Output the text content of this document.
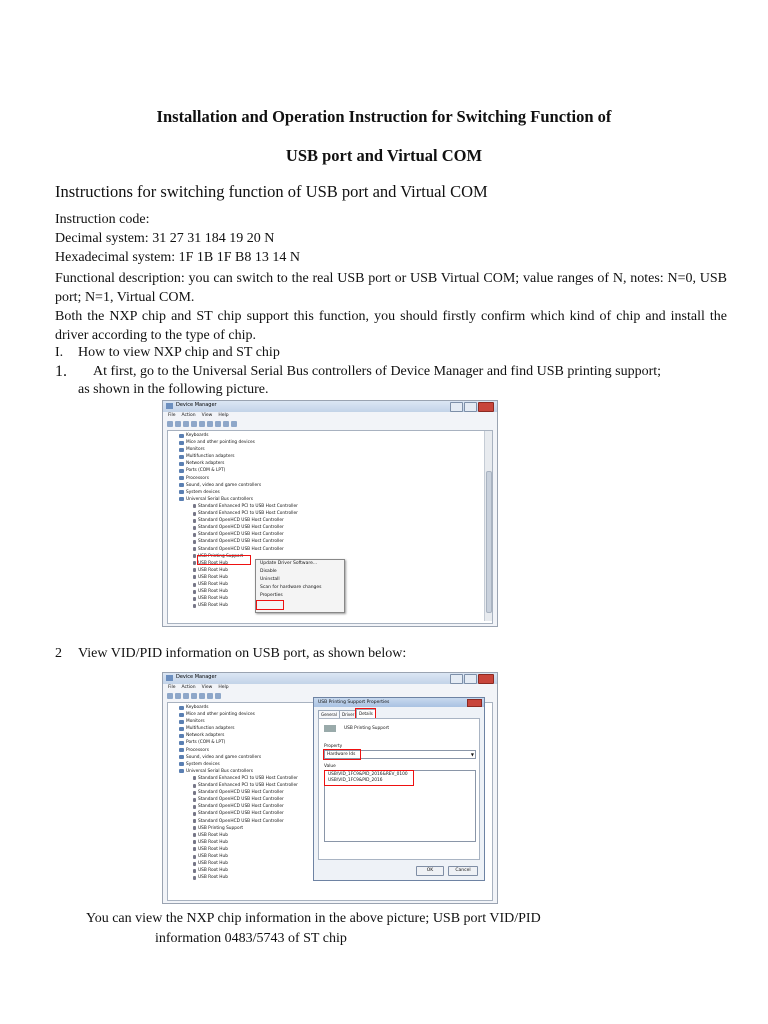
Installation and Operation Instruction for Switching Function of
USB port and Virtual COM
Instructions for switching function of USB port and Virtual COM
Instruction code:
Decimal system: 31 27 31 184 19 20 N
Hexadecimal system: 1F 1B 1F B8 13 14 N
Functional description: you can switch to the real USB port or USB Virtual COM; value ranges of N, notes: N=0, USB port; N=1, Virtual COM.
Both the NXP chip and ST chip support this function, you should firstly confirm which kind of chip and install the driver according to the type of chip.
I. How to view NXP chip and ST chip
1. At first, go to the Universal Serial Bus controllers of Device Manager and find USB printing support;
as shown in the following picture.
Device Manager
File Action View Help
Keyboards
Mice and other pointing devices
Monitors
Multifunction adapters
Network adapters
Ports (COM & LPT)
Processors
Sound, video and game controllers
System devices
Universal Serial Bus controllers
Standard Enhanced PCI to USB Host Controller
Standard Enhanced PCI to USB Host Controller
Standard OpenHCD USB Host Controller
Standard OpenHCD USB Host Controller
Standard OpenHCD USB Host Controller
Standard OpenHCD USB Host Controller
Standard OpenHCD USB Host Controller
USB Printing Support
USB Root Hub
USB Root Hub
USB Root Hub
USB Root Hub
USB Root Hub
USB Root Hub
USB Root Hub
Update Driver Software...
Disable
Uninstall
Scan for hardware changes
Properties
2 View VID/PID information on USB port, as shown below:
Device Manager
File Action View Help
Keyboards
Mice and other pointing devices
Monitors
Multifunction adapters
Network adapters
Ports (COM & LPT)
Processors
Sound, video and game controllers
System devices
Universal Serial Bus controllers
Standard Enhanced PCI to USB Host Controller
Standard Enhanced PCI to USB Host Controller
Standard OpenHCD USB Host Controller
Standard OpenHCD USB Host Controller
Standard OpenHCD USB Host Controller
Standard OpenHCD USB Host Controller
Standard OpenHCD USB Host Controller
USB Printing Support
USB Root Hub
USB Root Hub
USB Root Hub
USB Root Hub
USB Root Hub
USB Root Hub
USB Root Hub
USB Printing Support Properties
General	Driver	Details
USB Printing Support
Property
Hardware Ids	▼
Value
USB\VID_1FC9&PID_2016&REV_0100
USB\VID_1FC9&PID_2016
OK	Cancel
You can view the NXP chip information in the above picture; USB port VID/PID
information 0483/5743 of ST chip
